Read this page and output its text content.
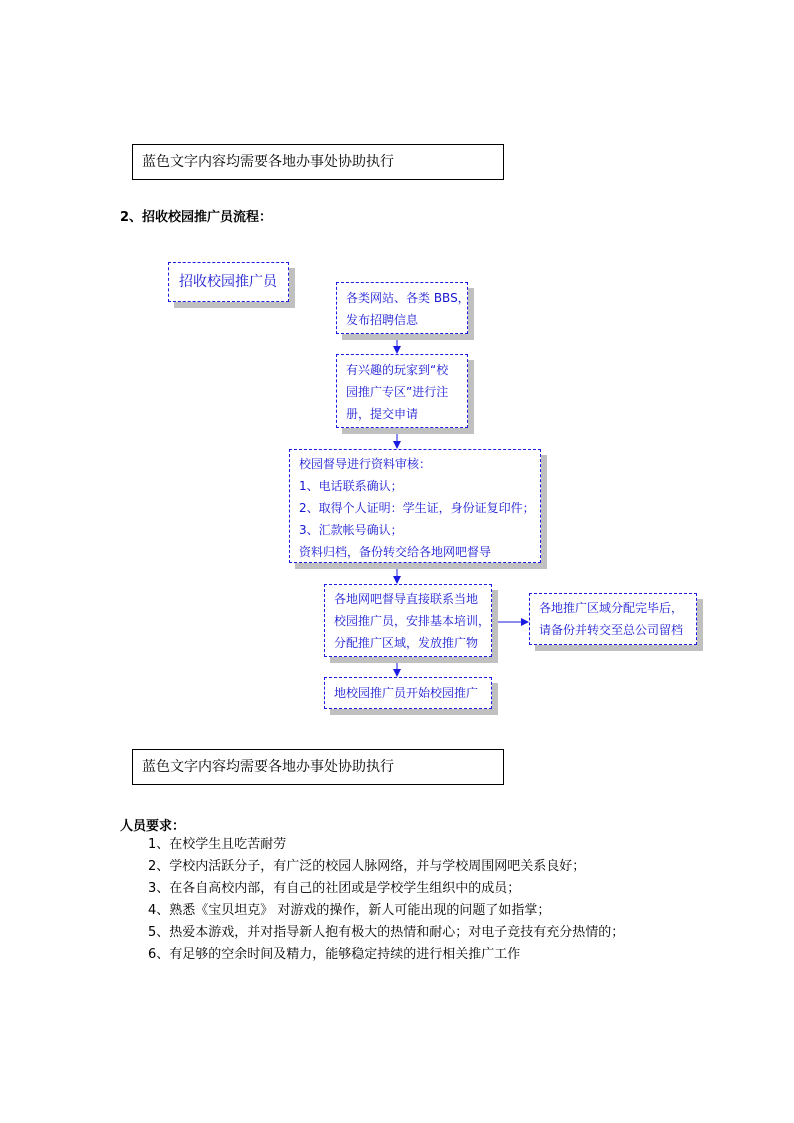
蓝色文字内容均需要各地办事处协助执行
2、招收校园推广员流程：
招收校园推广员
各类网站、各类 BBS，
发布招聘信息
有兴趣的玩家到“校
园推广专区”进行注
册，提交申请
校园督导进行资料审核：
1、电话联系确认；
2、取得个人证明：学生证，身份证复印件；
3、汇款帐号确认；
资料归档，备份转交给各地网吧督导
各地网吧督导直接联系当地
校园推广员，安排基本培训，
分配推广区域，发放推广物
各地推广区域分配完毕后，
请备份并转交至总公司留档
地校园推广员开始校园推广
蓝色文字内容均需要各地办事处协助执行
人员要求：
1、在校学生且吃苦耐劳
2、学校内活跃分子，有广泛的校园人脉网络，并与学校周围网吧关系良好；
3、在各自高校内部，有自己的社团或是学校学生组织中的成员；
4、熟悉《宝贝坦克》 对游戏的操作，新人可能出现的问题了如指掌；
5、热爱本游戏，并对指导新人抱有极大的热情和耐心；对电子竞技有充分热情的；
6、有足够的空余时间及精力，能够稳定持续的进行相关推广工作
